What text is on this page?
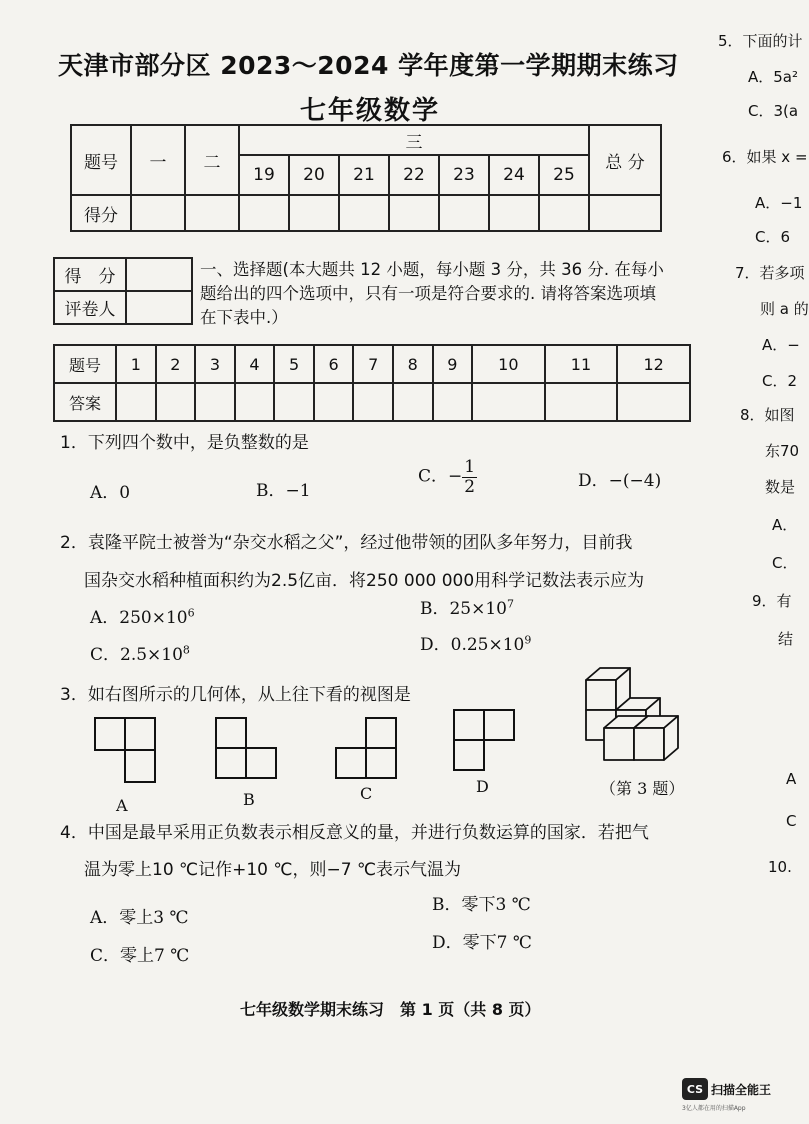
天津市部分区 2023～2024 学年度第一学期期末练习
七年级数学
题号	一	二	三							总 分
			19	20	21	22	23	24	25	
得分										
得　分	
评卷人	
一、选择题(本大题共 12 小题，每小题 3 分，共 36 分. 在每小题给出的四个选项中，只有一项是符合要求的. 请将答案选项填在下表中.）
题号	1	2	3	4	5	6	7	8	9	10	11	12
答案												
1．下列四个数中，是负整数的是
A．0	B．−1
C．− $\frac{1}{2}$	D．−(−4)
2．袁隆平院士被誉为“杂交水稻之父”，经过他带领的团队多年努力，目前我
国杂交水稻种植面积约为2.5亿亩．将250 000 000用科学记数法表示应为
A．$250\times 10^6$	B．$25\times 10^7$
C．$2.5\times 10^8$	D．$0.25\times 10^9$
3．如右图所示的几何体，从上往下看的视图是
A	B	C	D	（第 3 题）
4．中国是最早采用正负数表示相反意义的量，并进行负数运算的国家．若把气
温为零上10 ℃记作+10 ℃，则−7 ℃表示气温为
A．零上3 ℃
B．零下3 ℃
C．零上7 ℃
D．零下7 ℃
七年级数学期末练习　第 1 页（共 8 页）
5．下面的计
A．5a²
C．3(a
6．如果 x =
A．−1
C．6
7．若多项
则 a 的
A．−
C．2
8．如图
东70
数是
A．
C．
9．有
结
A
C
10.
CS 扫描全能王
3亿人都在用的扫描App
